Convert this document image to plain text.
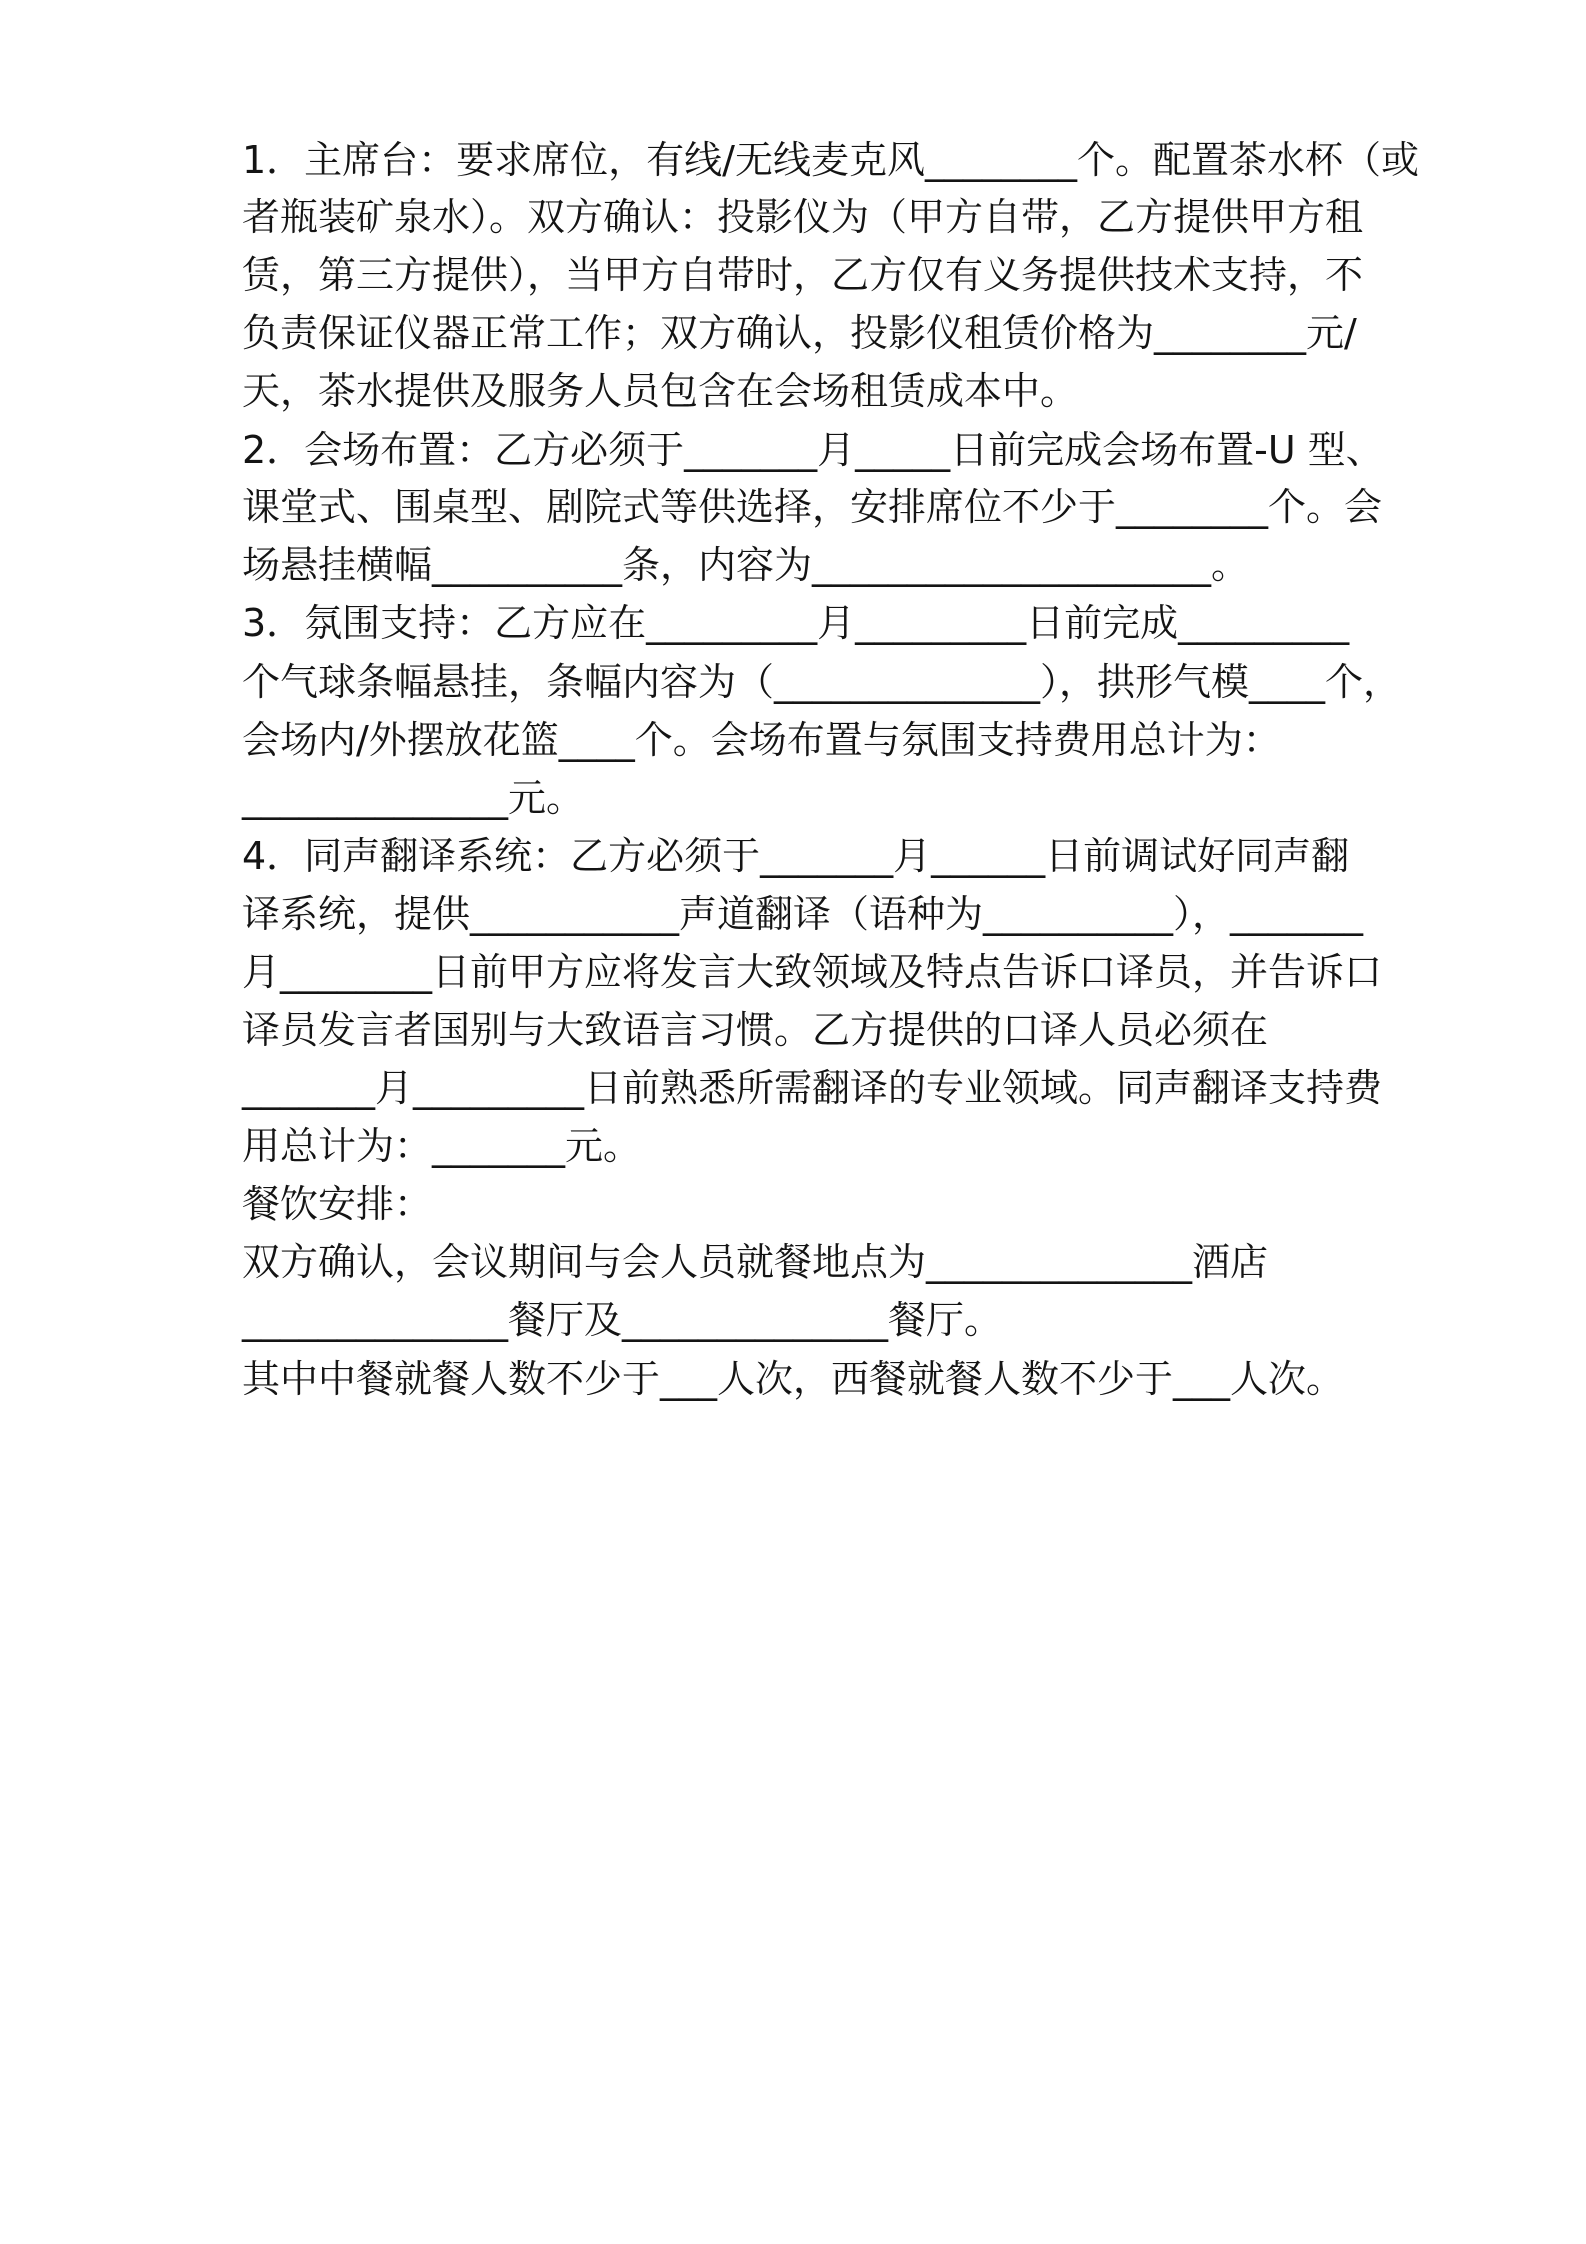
1．主席台：要求席位，有线/无线麦克风________个。配置茶水杯（或
者瓶装矿泉水）。双方确认：投影仪为（甲方自带，乙方提供甲方租
赁，第三方提供），当甲方自带时，乙方仅有义务提供技术支持，不
负责保证仪器正常工作；双方确认，投影仪租赁价格为________元/
天，茶水提供及服务人员包含在会场租赁成本中。
2．会场布置：乙方必须于_______月_____日前完成会场布置-U 型、
课堂式、围桌型、剧院式等供选择，安排席位不少于________个。会
场悬挂横幅__________条，内容为_____________________。
3．氛围支持：乙方应在_________月_________日前完成_________
个气球条幅悬挂，条幅内容为（______________），拱形气模____个，
会场内/外摆放花篮____个。会场布置与氛围支持费用总计为：
______________元。
4．同声翻译系统：乙方必须于_______月______日前调试好同声翻
译系统，提供___________声道翻译（语种为__________），_______
月________日前甲方应将发言大致领域及特点告诉口译员，并告诉口
译员发言者国别与大致语言习惯。乙方提供的口译人员必须在
_______月_________日前熟悉所需翻译的专业领域。同声翻译支持费
用总计为：_______元。
餐饮安排：
双方确认，会议期间与会人员就餐地点为______________酒店
______________餐厅及______________餐厅。
其中中餐就餐人数不少于___人次，西餐就餐人数不少于___人次。
